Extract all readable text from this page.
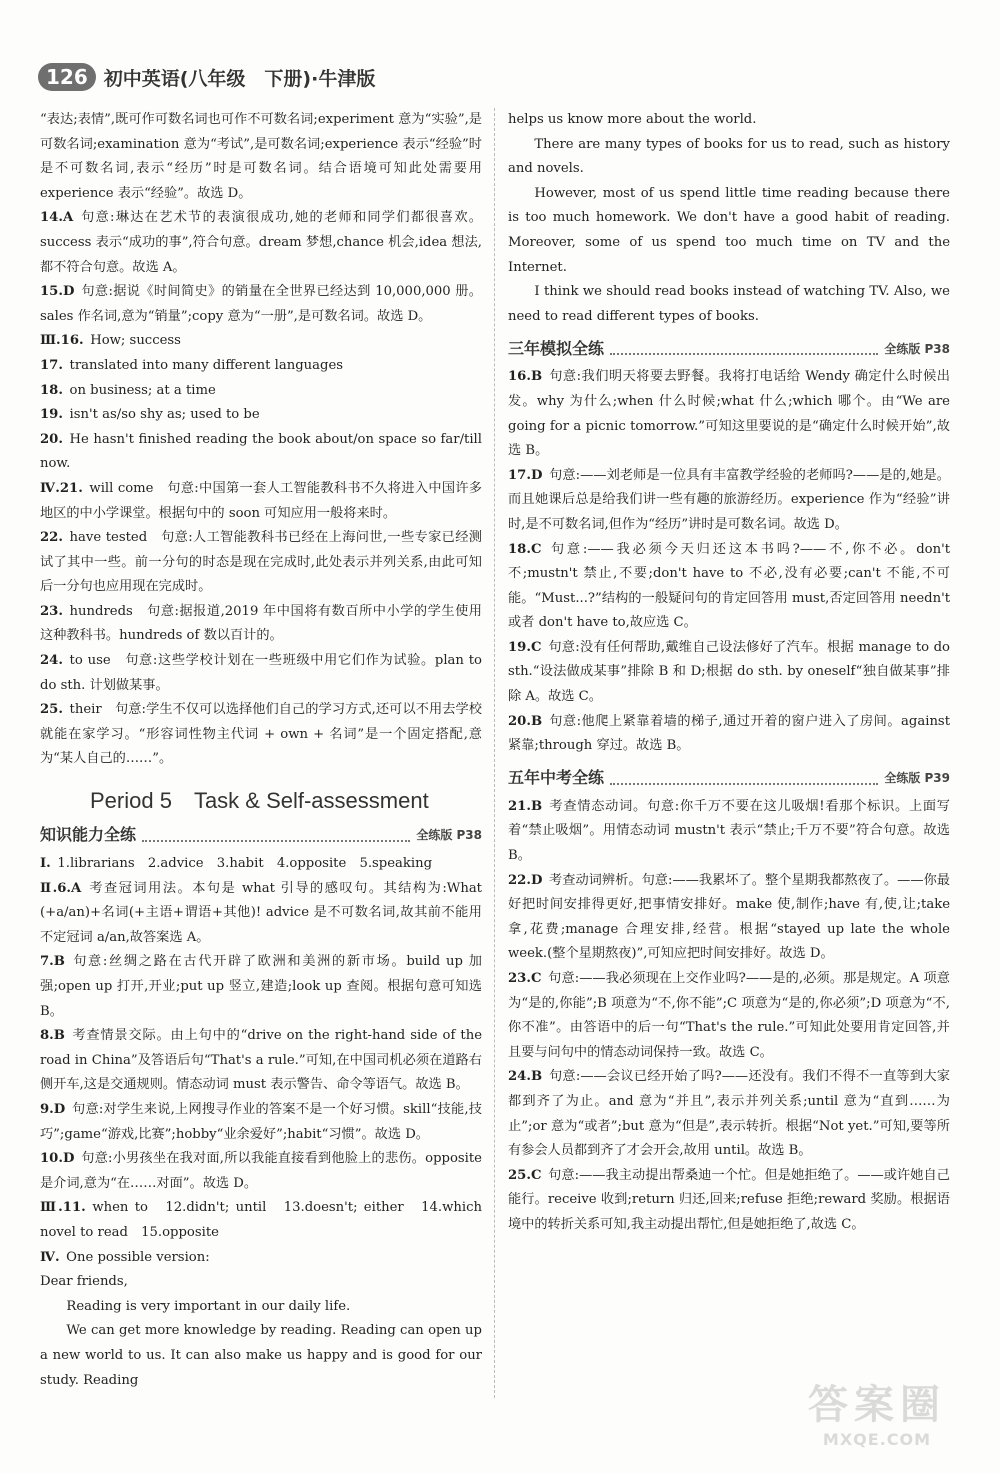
126 初中英语(八年级　下册)·牛津版

“表达;表情”,既可作可数名词也可作不可数名词;experiment 意为“实验”,是可数名词;examination 意为“考试”,是可数名词;experience 表示“经验”时是不可数名词,表示“经历”时是可数名词。结合语境可知此处需要用 experience 表示“经验”。故选 D。

14.A  句意:琳达在艺术节的表演很成功,她的老师和同学们都很喜欢。success 表示“成功的事”,符合句意。dream 梦想,chance 机会,idea 想法,都不符合句意。故选 A。

15.D  句意:据说《时间简史》的销量在全世界已经达到 10,000,000 册。sales 作名词,意为“销量”;copy 意为“一册”,是可数名词。故选 D。

Ⅲ.16.  How; success

17.  translated into many different languages

18.  on business; at a time

19.  isn't as/so shy as; used to be

20.  He hasn't finished reading the book about/on space so far/till now.

Ⅳ.21.  will come　句意:中国第一套人工智能教科书不久将进入中国许多地区的中小学课堂。根据句中的 soon 可知应用一般将来时。

22.  have tested　句意:人工智能教科书已经在上海问世,一些专家已经测试了其中一些。前一分句的时态是现在完成时,此处表示并列关系,由此可知后一分句也应用现在完成时。

23.  hundreds　句意:据报道,2019 年中国将有数百所中小学的学生使用这种教科书。hundreds of 数以百计的。

24.  to use　句意:这些学校计划在一些班级中用它们作为试验。plan to do sth. 计划做某事。

25.  their　句意:学生不仅可以选择他们自己的学习方式,还可以不用去学校就能在家学习。“形容词性物主代词 + own + 名词”是一个固定搭配,意为“某人自己的……”。

Period 5　Task & Self-assessment
知识能力全练	全练版 P38

Ⅰ.  1.librarians　2.advice　3.habit　4.opposite　5.speaking

Ⅱ.6.A  考查冠词用法。本句是 what 引导的感叹句。其结构为:What (+a/an)+名词(+主语+谓语+其他)! advice 是不可数名词,故其前不能用不定冠词 a/an,故答案选 A。

7.B  句意:丝绸之路在古代开辟了欧洲和美洲的新市场。build up 加强;open up 打开,开业;put up 竖立,建造;look up 查阅。根据句意可知选 B。

8.B  考查情景交际。由上句中的“drive on the right-hand side of the road in China”及答语后句“That's a rule.”可知,在中国司机必须在道路右侧开车,这是交通规则。情态动词 must 表示警告、命令等语气。故选 B。

9.D  句意:对学生来说,上网搜寻作业的答案不是一个好习惯。skill“技能,技巧”;game“游戏,比赛”;hobby“业余爱好”;habit“习惯”。故选 D。

10.D  句意:小男孩坐在我对面,所以我能直接看到他脸上的悲伤。opposite 是介词,意为“在……对面”。故选 D。

Ⅲ.11.  when to　12.didn't; until　13.doesn't; either　14.which novel to read　15.opposite

Ⅳ.  One possible version:

Dear friends,

Reading is very important in our daily life.

We can get more knowledge by reading. Reading can open up a new world to us. It can also make us happy and is good for our study. Reading

helps us know more about the world.

There are many types of books for us to read, such as history and novels.

However, most of us spend little time reading because there is too much homework. We don't have a good habit of reading. Moreover, some of us spend too much time on TV and the Internet.

I think we should read books instead of watching TV. Also, we need to read different types of books.

三年模拟全练	全练版 P38

16.B  句意:我们明天将要去野餐。我将打电话给 Wendy 确定什么时候出发。why 为什么;when 什么时候;what 什么;which 哪个。由“We are going for a picnic tomorrow.”可知这里要说的是“确定什么时候开始”,故选 B。

17.D  句意:——刘老师是一位具有丰富教学经验的老师吗?——是的,她是。而且她课后总是给我们讲一些有趣的旅游经历。experience 作为“经验”讲时,是不可数名词,但作为“经历”讲时是可数名词。故选 D。

18.C  句意:——我必须今天归还这本书吗?——不,你不必。don't 不;mustn't 禁止,不要;don't have to 不必,没有必要;can't 不能,不可能。“Must...?”结构的一般疑问句的肯定回答用 must,否定回答用 needn't 或者 don't have to,故应选 C。

19.C  句意:没有任何帮助,戴维自己设法修好了汽车。根据 manage to do sth.“设法做成某事”排除 B 和 D;根据 do sth. by oneself“独自做某事”排除 A。故选 C。

20.B  句意:他爬上紧靠着墙的梯子,通过开着的窗户进入了房间。against 紧靠;through 穿过。故选 B。

五年中考全练	全练版 P39

21.B  考查情态动词。句意:你千万不要在这儿吸烟!看那个标识。上面写着“禁止吸烟”。用情态动词 mustn't 表示“禁止;千万不要”符合句意。故选 B。

22.D  考查动词辨析。句意:——我累坏了。整个星期我都熬夜了。——你最好把时间安排得更好,把事情安排好。make 使,制作;have 有,使,让;take 拿,花费;manage 合理安排,经营。根据“stayed up late the whole week.(整个星期熬夜)”,可知应把时间安排好。故选 D。

23.C  句意:——我必须现在上交作业吗?——是的,必须。那是规定。A 项意为“是的,你能”;B 项意为“不,你不能”;C 项意为“是的,你必须”;D 项意为“不,你不准”。由答语中的后一句“That's the rule.”可知此处要用肯定回答,并且要与问句中的情态动词保持一致。故选 C。

24.B  句意:——会议已经开始了吗?——还没有。我们不得不一直等到大家都到齐了为止。and 意为“并且”,表示并列关系;until 意为“直到……为止”;or 意为“或者”;but 意为“但是”,表示转折。根据“Not yet.”可知,要等所有参会人员都到齐了才会开会,故用 until。故选 B。

25.C  句意:——我主动提出帮桑迪一个忙。但是她拒绝了。——或许她自己能行。receive 收到;return 归还,回来;refuse 拒绝;reward 奖励。根据语境中的转折关系可知,我主动提出帮忙,但是她拒绝了,故选 C。

答案圈
MXQE.COM
